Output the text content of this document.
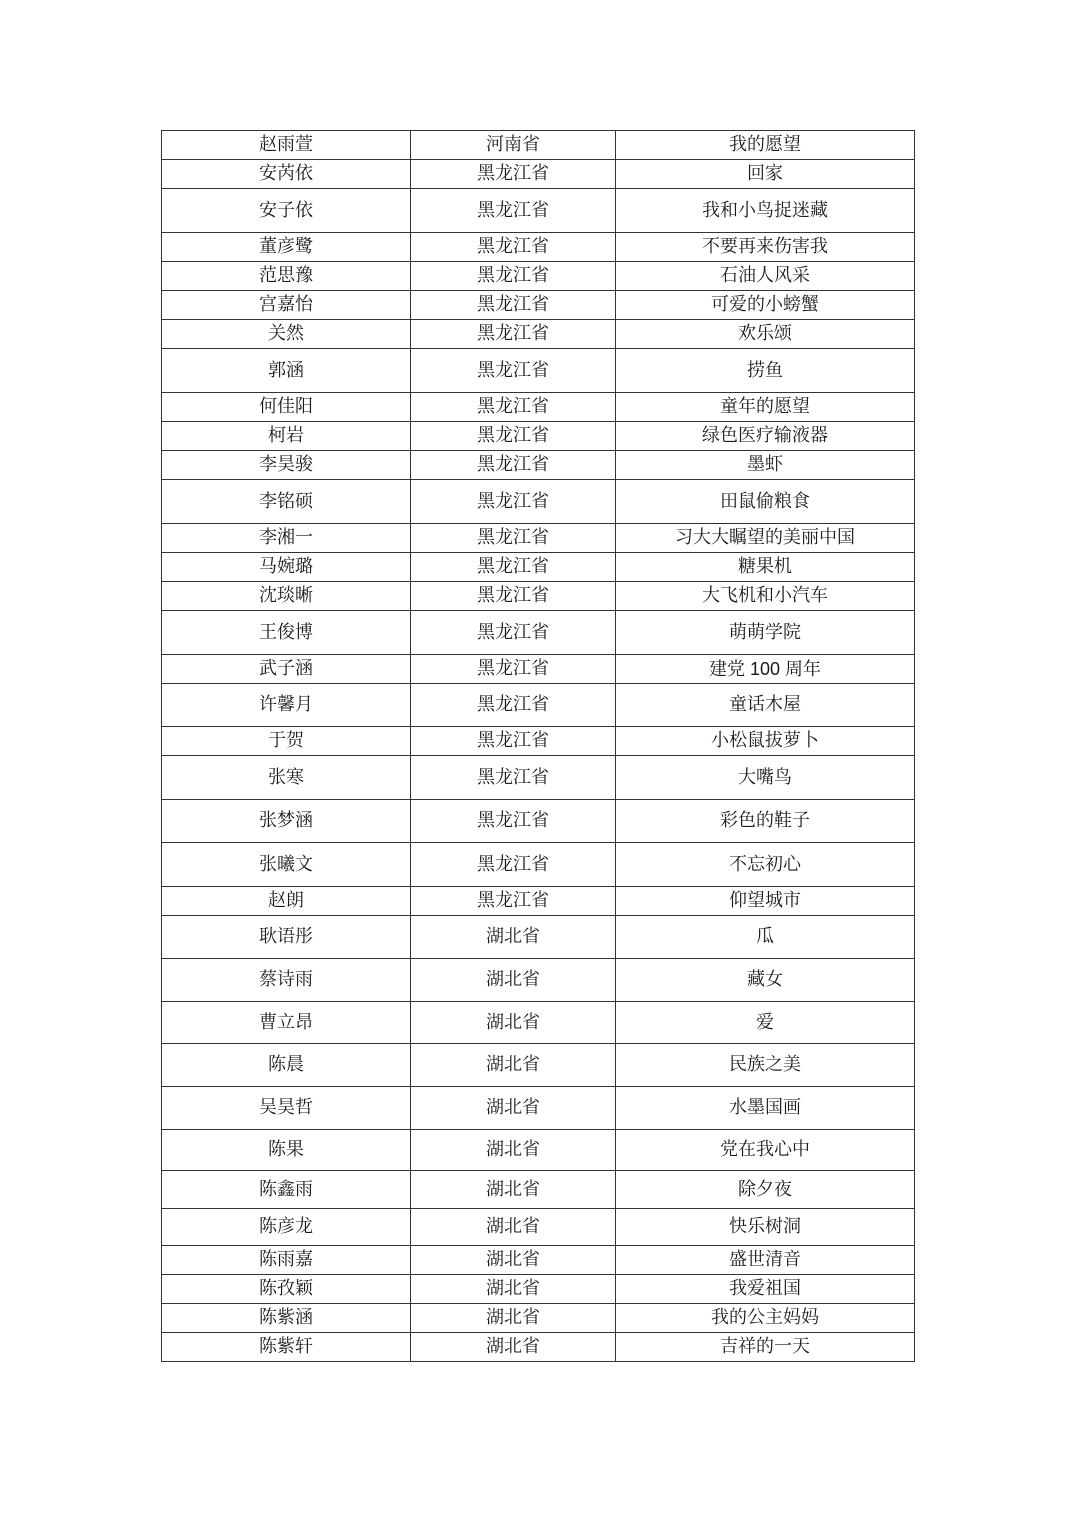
赵雨萱	河南省	我的愿望
安芮依	黑龙江省	回家
安子依	黑龙江省	我和小鸟捉迷藏
董彦鹭	黑龙江省	不要再来伤害我
范思豫	黑龙江省	石油人风采
宫嘉怡	黑龙江省	可爱的小螃蟹
关然	黑龙江省	欢乐颂
郭涵	黑龙江省	捞鱼
何佳阳	黑龙江省	童年的愿望
柯岩	黑龙江省	绿色医疗输液器
李昊骏	黑龙江省	墨虾
李铭硕	黑龙江省	田鼠偷粮食
李湘一	黑龙江省	习大大瞩望的美丽中国
马婉璐	黑龙江省	糖果机
沈琰晰	黑龙江省	大飞机和小汽车
王俊博	黑龙江省	萌萌学院
武子涵	黑龙江省	建党 100 周年
许馨月	黑龙江省	童话木屋
于贺	黑龙江省	小松鼠拔萝卜
张寒	黑龙江省	大嘴鸟
张梦涵	黑龙江省	彩色的鞋子
张曦文	黑龙江省	不忘初心
赵朗	黑龙江省	仰望城市
耿语彤	湖北省	瓜
蔡诗雨	湖北省	藏女
曹立昂	湖北省	爱
陈晨	湖北省	民族之美
吴昊哲	湖北省	水墨国画
陈果	湖北省	党在我心中
陈鑫雨	湖北省	除夕夜
陈彦龙	湖北省	快乐树洞
陈雨嘉	湖北省	盛世清音
陈孜颖	湖北省	我爱祖国
陈紫涵	湖北省	我的公主妈妈
陈紫轩	湖北省	吉祥的一天
